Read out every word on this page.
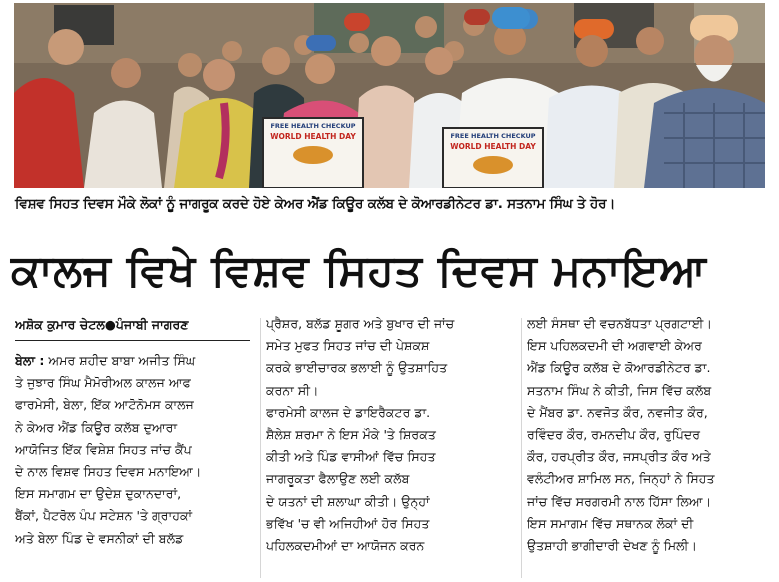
FREE HEALTH CHECKUP
WORLD HEALTH DAY	FREE HEALTH CHECKUP
WORLD HEALTH DAY
ਵਿਸ਼ਵ ਸਿਹਤ ਦਿਵਸ ਮੌਕੇ ਲੋਕਾਂ ਨੂੰ ਜਾਗਰੂਕ ਕਰਦੇ ਹੋਏ ਕੇਅਰ ਐਂਡ ਕਿਊਰ ਕਲੱਬ ਦੇ ਕੋਆਰਡੀਨੇਟਰ ਡਾ. ਸਤਨਾਮ ਸਿੰਘ ਤੇ ਹੋਰ।
ਕਾਲਜ ਵਿਖੇ ਵਿਸ਼ਵ ਸਿਹਤ ਦਿਵਸ ਮਨਾਇਆ
ਅਸ਼ੋਕ ਕੁਮਾਰ ਚੇਟਲ●ਪੰਜਾਬੀ ਜਾਗਰਣ
ਬੇਲਾ : ਅਮਰ ਸ਼ਹੀਦ ਬਾਬਾ ਅਜੀਤ ਸਿੰਘ
ਤੇ ਜੁਝਾਰ ਸਿੰਘ ਮੈਮੋਰੀਅਲ ਕਾਲਜ ਆਫ
ਫਾਰਮੇਸੀ, ਬੇਲਾ, ਇੱਕ ਆਟੋਨੋਮਸ ਕਾਲਜ
ਨੇ ਕੇਅਰ ਐਂਡ ਕਿਊਰ ਕਲੱਬ ਦੁਆਰਾ
ਆਯੋਜਿਤ ਇੱਕ ਵਿਸ਼ੇਸ਼ ਸਿਹਤ ਜਾਂਚ ਕੈਂਪ
ਦੇ ਨਾਲ ਵਿਸ਼ਵ ਸਿਹਤ ਦਿਵਸ ਮਨਾਇਆ।
ਇਸ ਸਮਾਗਮ ਦਾ ਉਦੇਸ਼ ਦੁਕਾਨਦਾਰਾਂ,
ਬੈਂਕਾਂ, ਪੈਟਰੋਲ ਪੰਪ ਸਟੇਸ਼ਨ 'ਤੇ ਗ੍ਰਾਹਕਾਂ
ਅਤੇ ਬੇਲਾ ਪਿੰਡ ਦੇ ਵਸਨੀਕਾਂ ਦੀ ਬਲੱਡ
ਪ੍ਰੈਸ਼ਰ, ਬਲੱਡ ਸ਼ੂਗਰ ਅਤੇ ਬੁਖਾਰ ਦੀ ਜਾਂਚ
ਸਮੇਤ ਮੁਫਤ ਸਿਹਤ ਜਾਂਚ ਦੀ ਪੇਸ਼ਕਸ਼
ਕਰਕੇ ਭਾਈਚਾਰਕ ਭਲਾਈ ਨੂੰ ਉਤਸ਼ਾਹਿਤ
ਕਰਨਾ ਸੀ।
ਫਾਰਮੇਸੀ ਕਾਲਜ ਦੇ ਡਾਇਰੈਕਟਰ ਡਾ.
ਸ਼ੈਲੇਸ਼ ਸ਼ਰਮਾ ਨੇ ਇਸ ਮੌਕੇ 'ਤੇ ਸ਼ਿਰਕਤ
ਕੀਤੀ ਅਤੇ ਪਿੰਡ ਵਾਸੀਆਂ ਵਿੱਚ ਸਿਹਤ
ਜਾਗਰੂਕਤਾ ਫੈਲਾਉਣ ਲਈ ਕਲੱਬ
ਦੇ ਯਤਨਾਂ ਦੀ ਸ਼ਲਾਘਾ ਕੀਤੀ। ਉਨ੍ਹਾਂ
ਭਵਿੱਖ 'ਚ ਵੀ ਅਜਿਹੀਆਂ ਹੋਰ ਸਿਹਤ
ਪਹਿਲਕਦਮੀਆਂ ਦਾ ਆਯੋਜਨ ਕਰਨ
ਲਈ ਸੰਸਥਾ ਦੀ ਵਚਨਬੱਧਤਾ ਪ੍ਰਗਟਾਈ।
ਇਸ ਪਹਿਲਕਦਮੀ ਦੀ ਅਗਵਾਈ ਕੇਅਰ
ਐਂਡ ਕਿਊਰ ਕਲੱਬ ਦੇ ਕੋਆਰਡੀਨੇਟਰ ਡਾ.
ਸਤਨਾਮ ਸਿੰਘ ਨੇ ਕੀਤੀ, ਜਿਸ ਵਿੱਚ ਕਲੱਬ
ਦੇ ਮੈਂਬਰ ਡਾ. ਨਵਜੋਤ ਕੌਰ, ਨਵਜੀਤ ਕੌਰ,
ਰਵਿੰਦਰ ਕੌਰ, ਰਮਨਦੀਪ ਕੌਰ, ਰੁਪਿੰਦਰ
ਕੌਰ, ਹਰਪ੍ਰੀਤ ਕੌਰ, ਜਸਪ੍ਰੀਤ ਕੌਰ ਅਤੇ
ਵਲੰਟੀਅਰ ਸ਼ਾਮਿਲ ਸਨ, ਜਿਨ੍ਹਾਂ ਨੇ ਸਿਹਤ
ਜਾਂਚ ਵਿੱਚ ਸਰਗਰਮੀ ਨਾਲ ਹਿੱਸਾ ਲਿਆ।
ਇਸ ਸਮਾਗਮ ਵਿੱਚ ਸਥਾਨਕ ਲੋਕਾਂ ਦੀ
ਉਤਸ਼ਾਹੀ ਭਾਗੀਦਾਰੀ ਦੇਖਣ ਨੂੰ ਮਿਲੀ।
